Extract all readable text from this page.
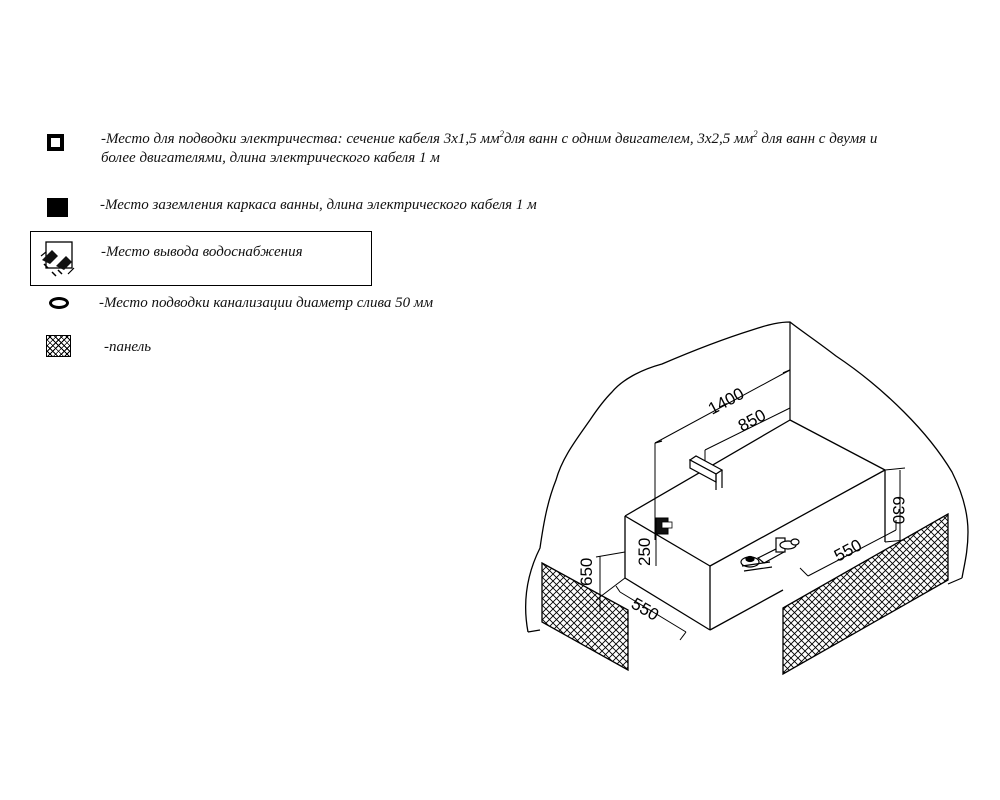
-Место для подводки электричества: сечение кабеля 3х1,5 $мм^2для$ ванн с одним двигателем, 3х2,5 $мм^2$ для ванн с двумя и
более двигателями, длина электрического кабеля 1 м
-Место заземления каркаса ванны, длина электрического кабеля 1 м
-Место вывода водоснабжения
-Место подводки канализации диаметр слива 50 мм
-панель
1400
850
250
630
550
650
550
